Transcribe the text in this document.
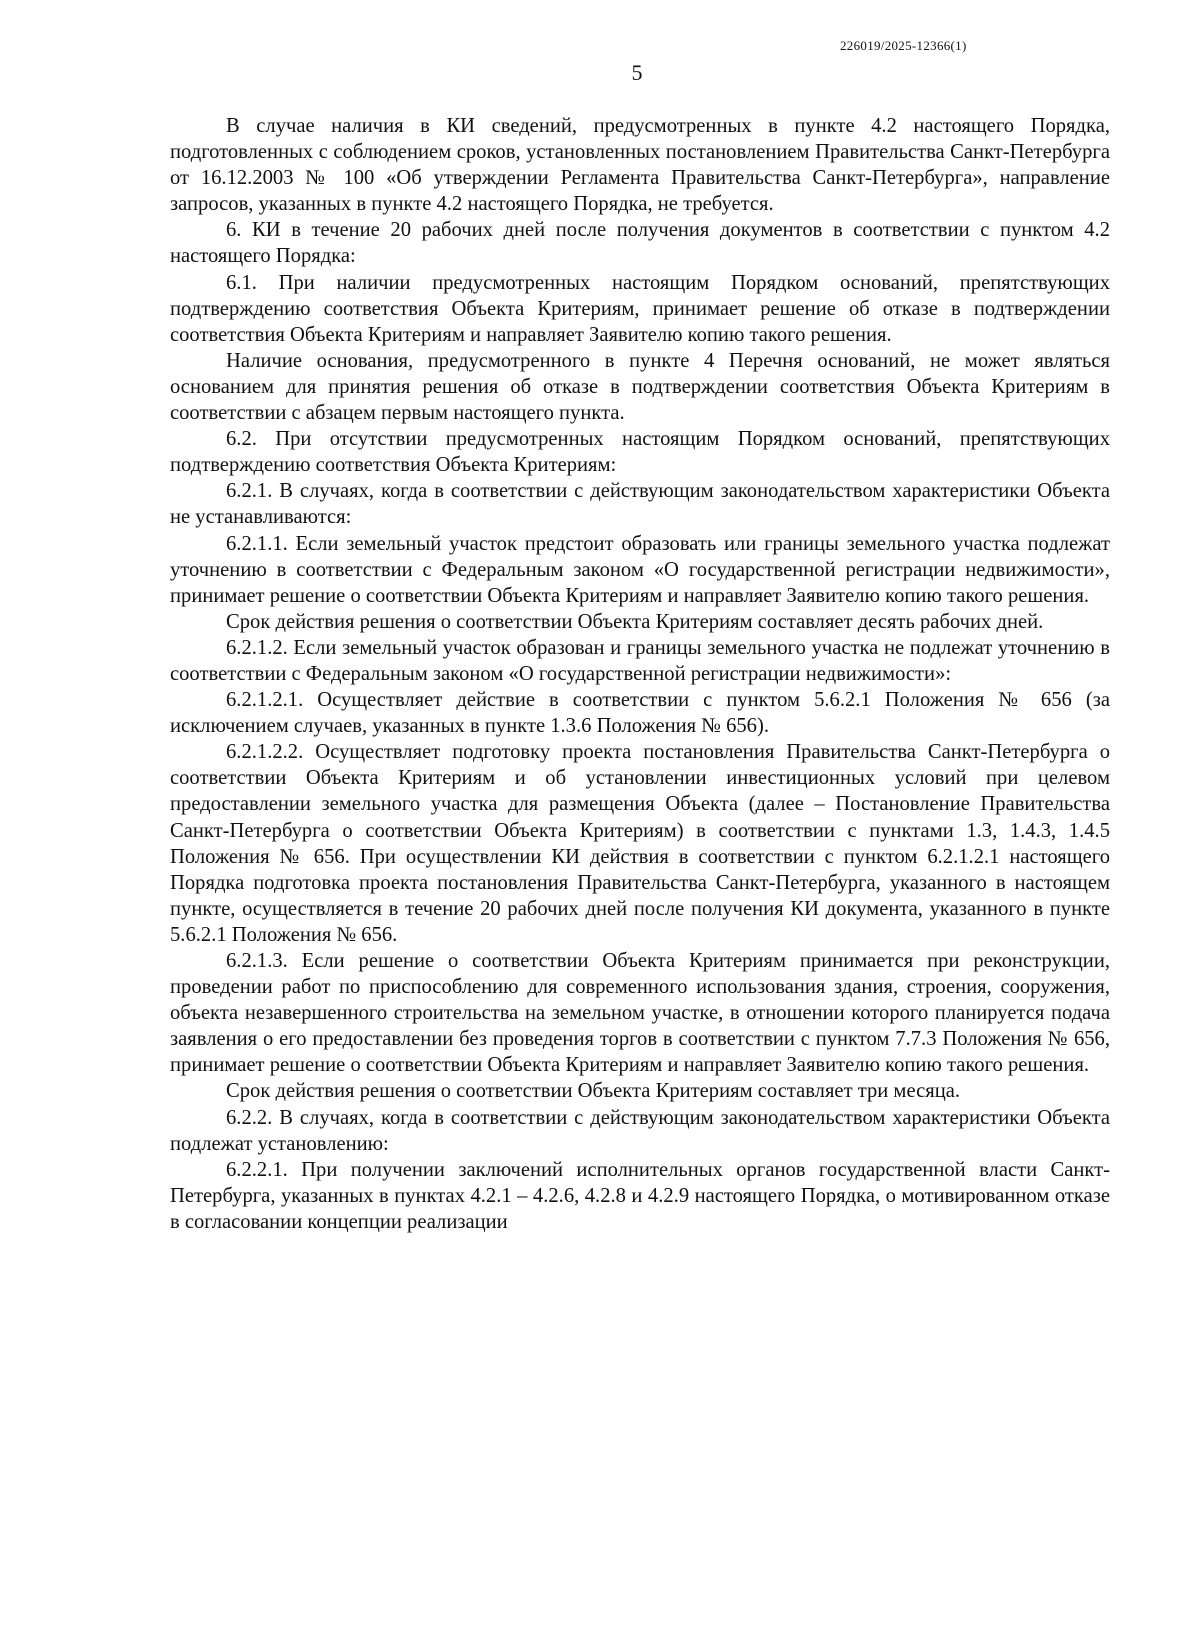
226019/2025-12366(1)
5

В случае наличия в КИ сведений, предусмотренных в пункте 4.2 настоящего Порядка, подготовленных с соблюдением сроков, установленных постановлением Правительства Санкт-Петербурга от 16.12.2003 № 100 «Об утверждении Регламента Правительства Санкт-Петербурга», направление запросов, указанных в пункте 4.2 настоящего Порядка, не требуется.

6. КИ в течение 20 рабочих дней после получения документов в соответствии с пунктом 4.2 настоящего Порядка:

6.1. При наличии предусмотренных настоящим Порядком оснований, препятствующих подтверждению соответствия Объекта Критериям, принимает решение об отказе в подтверждении соответствия Объекта Критериям и направляет Заявителю копию такого решения.

Наличие основания, предусмотренного в пункте 4 Перечня оснований, не может являться основанием для принятия решения об отказе в подтверждении соответствия Объекта Критериям в соответствии с абзацем первым настоящего пункта.

6.2. При отсутствии предусмотренных настоящим Порядком оснований, препятствующих подтверждению соответствия Объекта Критериям:

6.2.1. В случаях, когда в соответствии с действующим законодательством характеристики Объекта не устанавливаются:

6.2.1.1. Если земельный участок предстоит образовать или границы земельного участка подлежат уточнению в соответствии с Федеральным законом «О государственной регистрации недвижимости», принимает решение о соответствии Объекта Критериям и направляет Заявителю копию такого решения.

Срок действия решения о соответствии Объекта Критериям составляет десять рабочих дней.

6.2.1.2. Если земельный участок образован и границы земельного участка не подлежат уточнению в соответствии с Федеральным законом «О государственной регистрации недвижимости»:

6.2.1.2.1. Осуществляет действие в соответствии с пунктом 5.6.2.1 Положения № 656 (за исключением случаев, указанных в пункте 1.3.6 Положения № 656).

6.2.1.2.2. Осуществляет подготовку проекта постановления Правительства Санкт-Петербурга о соответствии Объекта Критериям и об установлении инвестиционных условий при целевом предоставлении земельного участка для размещения Объекта (далее – Постановление Правительства Санкт-Петербурга о соответствии Объекта Критериям) в соответствии с пунктами 1.3, 1.4.3, 1.4.5 Положения № 656. При осуществлении КИ действия в соответствии с пунктом 6.2.1.2.1 настоящего Порядка подготовка проекта постановления Правительства Санкт-Петербурга, указанного в настоящем пункте, осуществляется в течение 20 рабочих дней после получения КИ документа, указанного в пункте 5.6.2.1 Положения № 656.

6.2.1.3. Если решение о соответствии Объекта Критериям принимается при реконструкции, проведении работ по приспособлению для современного использования здания, строения, сооружения, объекта незавершенного строительства на земельном участке, в отношении которого планируется подача заявления о его предоставлении без проведения торгов в соответствии с пунктом 7.7.3 Положения № 656, принимает решение о соответствии Объекта Критериям и направляет Заявителю копию такого решения.

Срок действия решения о соответствии Объекта Критериям составляет три месяца.

6.2.2. В случаях, когда в соответствии с действующим законодательством характеристики Объекта подлежат установлению:

6.2.2.1. При получении заключений исполнительных органов государственной власти Санкт-Петербурга, указанных в пунктах 4.2.1 – 4.2.6, 4.2.8 и 4.2.9 настоящего Порядка, о мотивированном отказе в согласовании концепции реализации
